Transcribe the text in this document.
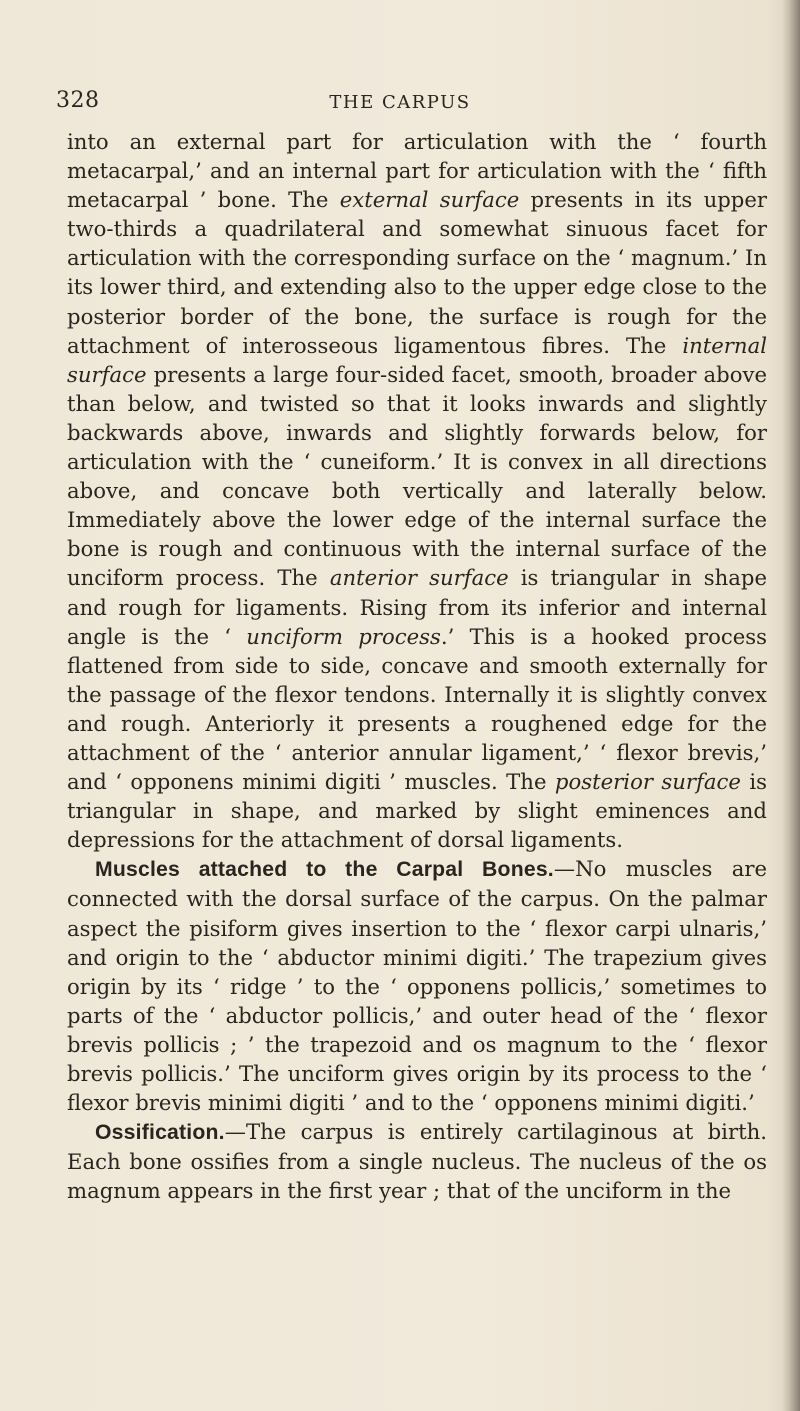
328	THE CARPUS

into an external part for articulation with the ‘ fourth metacarpal,’ and an internal part for articulation with the ‘ fifth metacarpal ’ bone. The external surface presents in its upper two-thirds a quadrilateral and somewhat sinuous facet for articulation with the corresponding surface on the ‘ magnum.’ In its lower third, and extending also to the upper edge close to the posterior border of the bone, the surface is rough for the attachment of interosseous ligamentous fibres. The internal surface presents a large four-sided facet, smooth, broader above than below, and twisted so that it looks inwards and slightly backwards above, inwards and slightly forwards below, for articulation with the ‘ cuneiform.’ It is convex in all directions above, and concave both vertically and laterally below. Immediately above the lower edge of the internal surface the bone is rough and continuous with the internal surface of the unciform process. The anterior surface is triangular in shape and rough for ligaments. Rising from its inferior and internal angle is the ‘ unciform process.’ This is a hooked process flattened from side to side, concave and smooth externally for the passage of the flexor tendons. Internally it is slightly convex and rough. Anteriorly it presents a roughened edge for the attachment of the ‘ anterior annular ligament,’ ‘ flexor brevis,’ and ‘ opponens minimi digiti ’ muscles. The posterior surface is triangular in shape, and marked by slight eminences and depressions for the attachment of dorsal ligaments.

Muscles attached to the Carpal Bones.—No muscles are connected with the dorsal surface of the carpus. On the palmar aspect the pisiform gives insertion to the ‘ flexor carpi ulnaris,’ and origin to the ‘ abductor minimi digiti.’ The trapezium gives origin by its ‘ ridge ’ to the ‘ opponens pollicis,’ sometimes to parts of the ‘ abductor pollicis,’ and outer head of the ‘ flexor brevis pollicis ; ’ the trapezoid and os magnum to the ‘ flexor brevis pollicis.’ The unciform gives origin by its process to the ‘ flexor brevis minimi digiti ’ and to the ‘ opponens minimi digiti.’

Ossification.—The carpus is entirely cartilaginous at birth. Each bone ossifies from a single nucleus. The nucleus of the os magnum appears in the first year ; that of the unciform in the
